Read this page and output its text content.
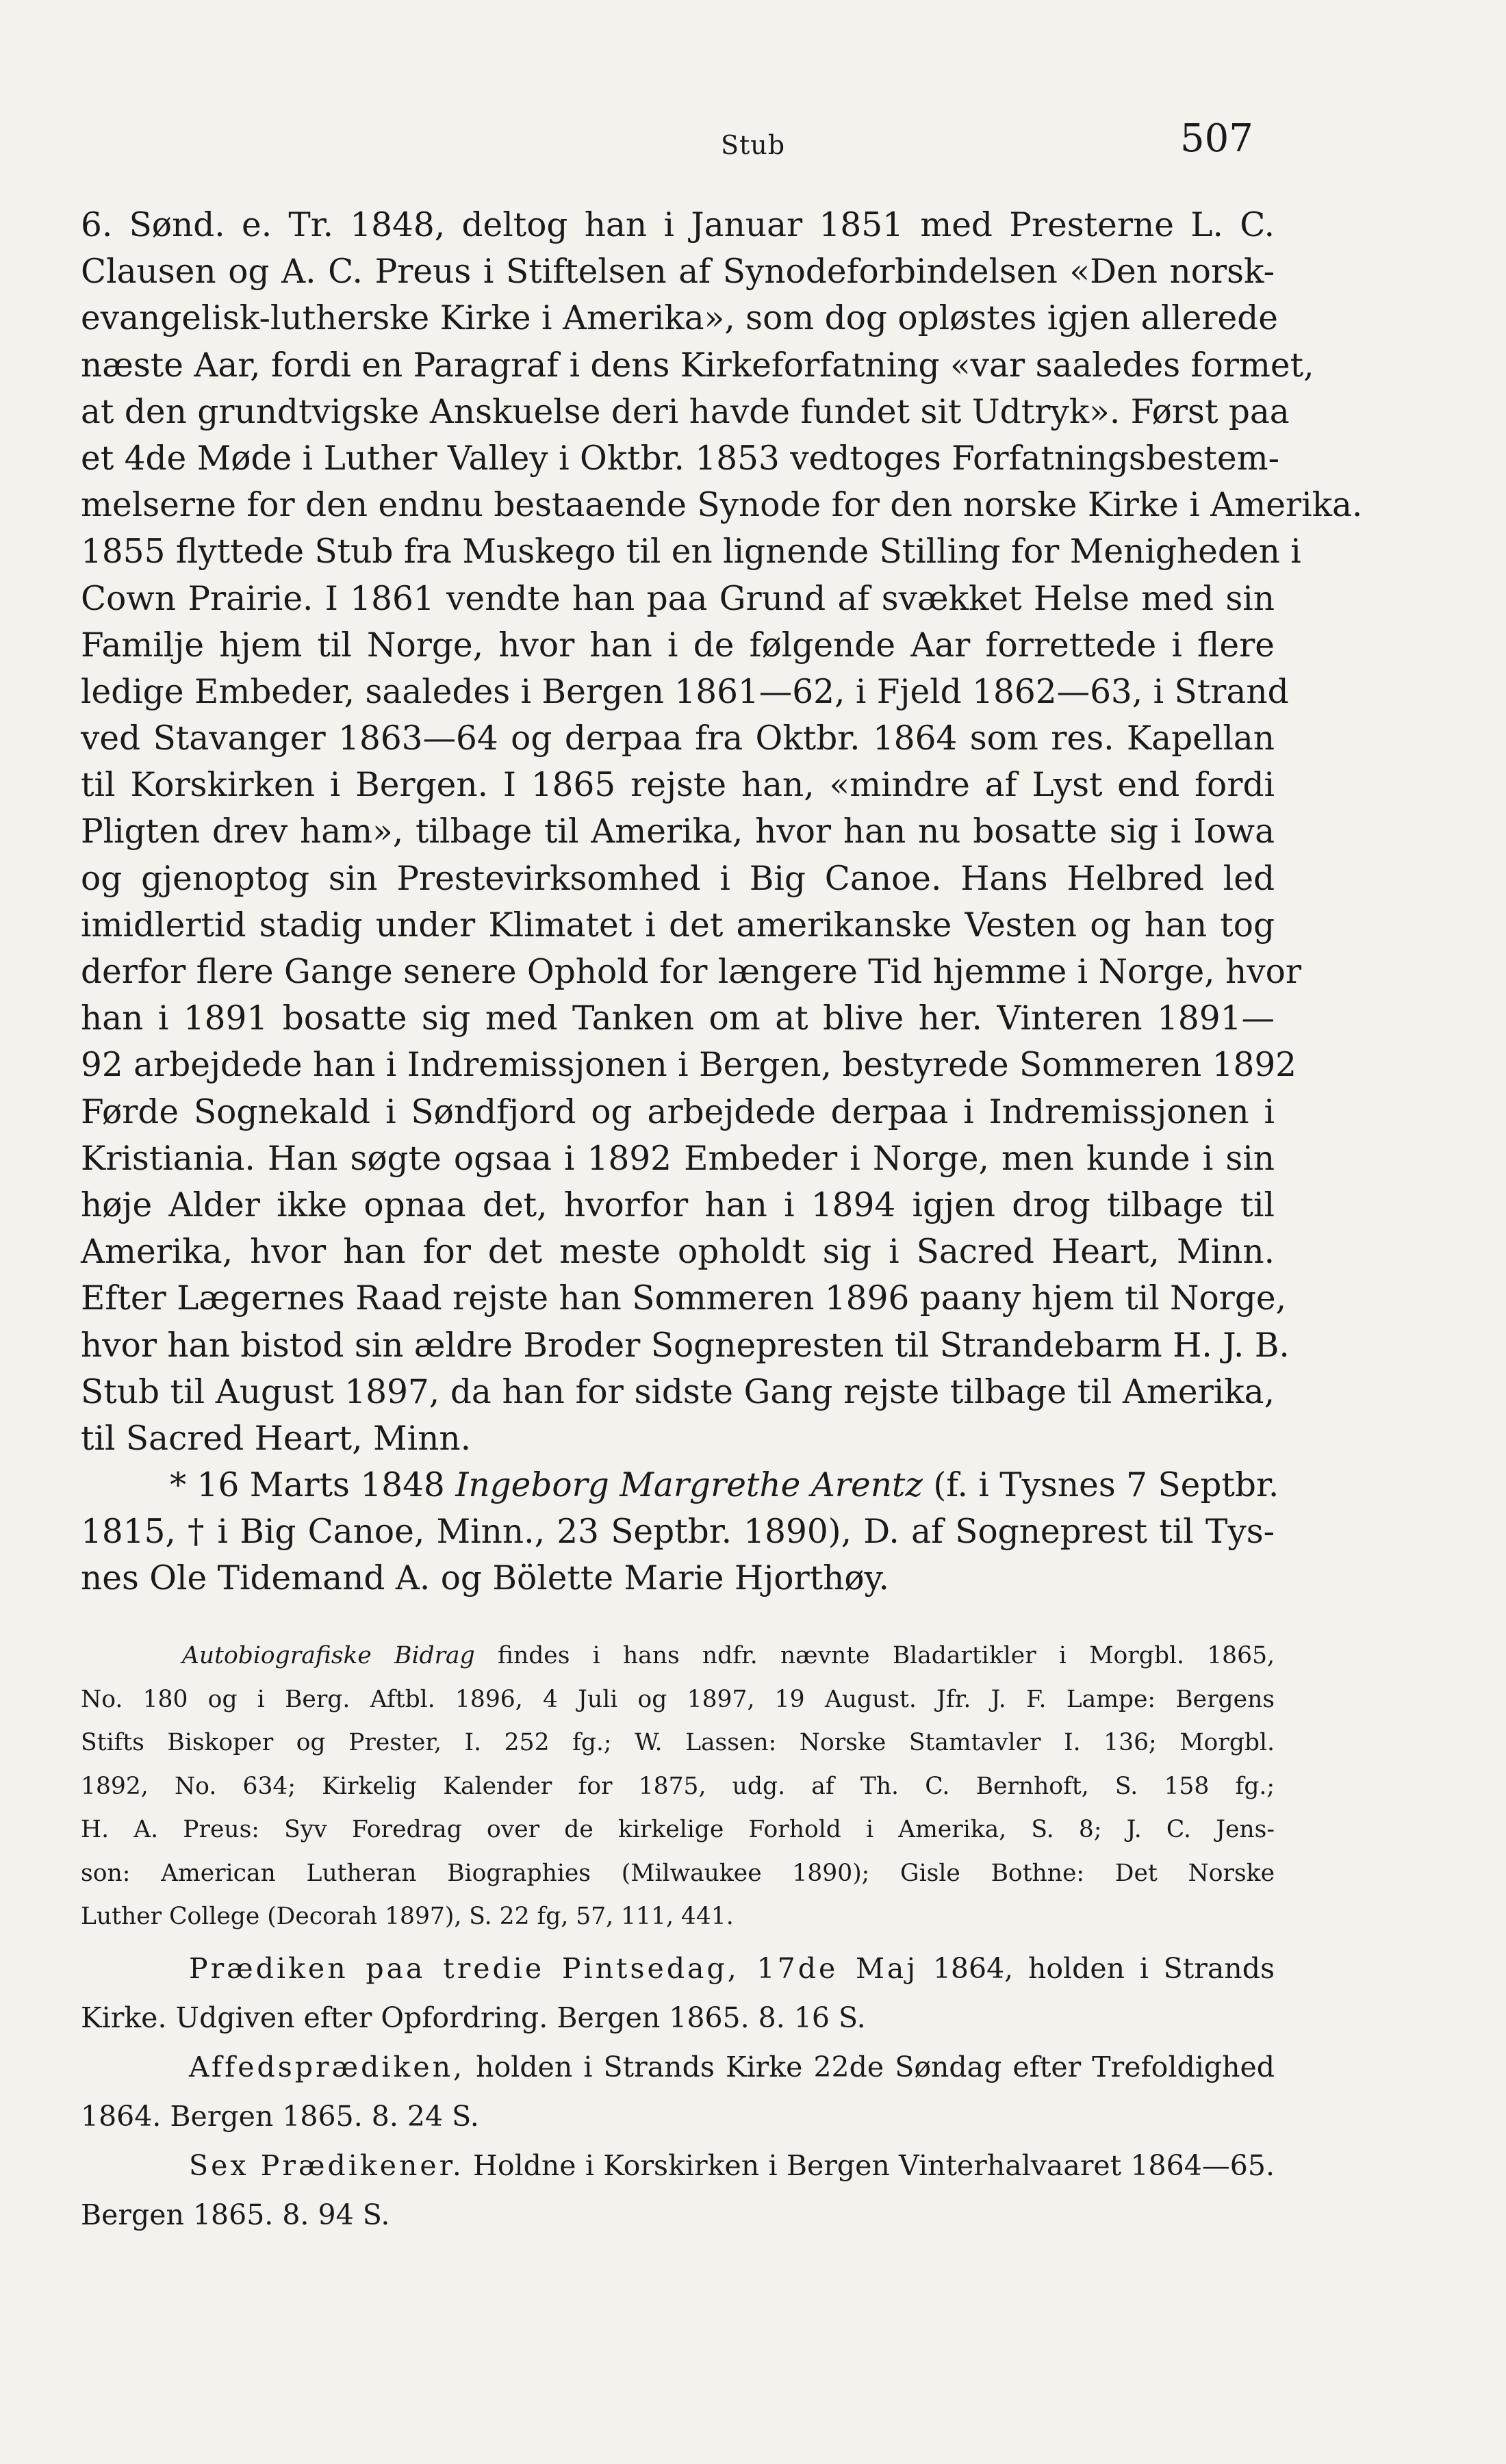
Stub	507
6. Sønd. e. Tr. 1848, deltog han i Januar 1851 med Presterne L. C.
Clausen og A. C. Preus i Stiftelsen af Synodeforbindelsen «Den norsk-
evangelisk-lutherske Kirke i Amerika», som dog opløstes igjen allerede
næste Aar, fordi en Paragraf i dens Kirkeforfatning «var saaledes formet,
at den grundtvigske Anskuelse deri havde fundet sit Udtryk». Først paa
et 4de Møde i Luther Valley i Oktbr. 1853 vedtoges Forfatningsbestem-
melserne for den endnu bestaaende Synode for den norske Kirke i Amerika.
1855 flyttede Stub fra Muskego til en lignende Stilling for Menigheden i
Cown Prairie. I 1861 vendte han paa Grund af svækket Helse med sin
Familje hjem til Norge, hvor han i de følgende Aar forrettede i flere
ledige Embeder, saaledes i Bergen 1861—62, i Fjeld 1862—63, i Strand
ved Stavanger 1863—64 og derpaa fra Oktbr. 1864 som res. Kapellan
til Korskirken i Bergen. I 1865 rejste han, «mindre af Lyst end fordi
Pligten drev ham», tilbage til Amerika, hvor han nu bosatte sig i Iowa
og gjenoptog sin Prestevirksomhed i Big Canoe. Hans Helbred led
imidlertid stadig under Klimatet i det amerikanske Vesten og han tog
derfor flere Gange senere Ophold for længere Tid hjemme i Norge, hvor
han i 1891 bosatte sig med Tanken om at blive her. Vinteren 1891—
92 arbejdede han i Indremissjonen i Bergen, bestyrede Sommeren 1892
Førde Sognekald i Søndfjord og arbejdede derpaa i Indremissjonen i
Kristiania. Han søgte ogsaa i 1892 Embeder i Norge, men kunde i sin
høje Alder ikke opnaa det, hvorfor han i 1894 igjen drog tilbage til
Amerika, hvor han for det meste opholdt sig i Sacred Heart, Minn.
Efter Lægernes Raad rejste han Sommeren 1896 paany hjem til Norge,
hvor han bistod sin ældre Broder Sognepresten til Strandebarm H. J. B.
Stub til August 1897, da han for sidste Gang rejste tilbage til Amerika,
til Sacred Heart, Minn.
* 16 Marts 1848 Ingeborg Margrethe Arentz (f. i Tysnes 7 Septbr.
1815, † i Big Canoe, Minn., 23 Septbr. 1890), D. af Sogneprest til Tys-
nes Ole Tidemand A. og Bölette Marie Hjorthøy.
Autobiografiske Bidrag findes i hans ndfr. nævnte Bladartikler i Morgbl. 1865,
No. 180 og i Berg. Aftbl. 1896, 4 Juli og 1897, 19 August. Jfr. J. F. Lampe: Bergens
Stifts Biskoper og Prester, I. 252 fg.; W. Lassen: Norske Stamtavler I. 136; Morgbl.
1892, No. 634; Kirkelig Kalender for 1875, udg. af Th. C. Bernhoft, S. 158 fg.;
H. A. Preus: Syv Foredrag over de kirkelige Forhold i Amerika, S. 8; J. C. Jens-
son: American Lutheran Biographies (Milwaukee 1890); Gisle Bothne: Det Norske
Luther College (Decorah 1897), S. 22 fg, 57, 111, 441.
Prædiken paa tredie Pintsedag, 17de Maj 1864, holden i Strands
Kirke. Udgiven efter Opfordring. Bergen 1865. 8. 16 S.
Affedsprædiken, holden i Strands Kirke 22de Søndag efter Trefoldighed
1864. Bergen 1865. 8. 24 S.
Sex Prædikener. Holdne i Korskirken i Bergen Vinterhalvaaret 1864—65.
Bergen 1865. 8. 94 S.
